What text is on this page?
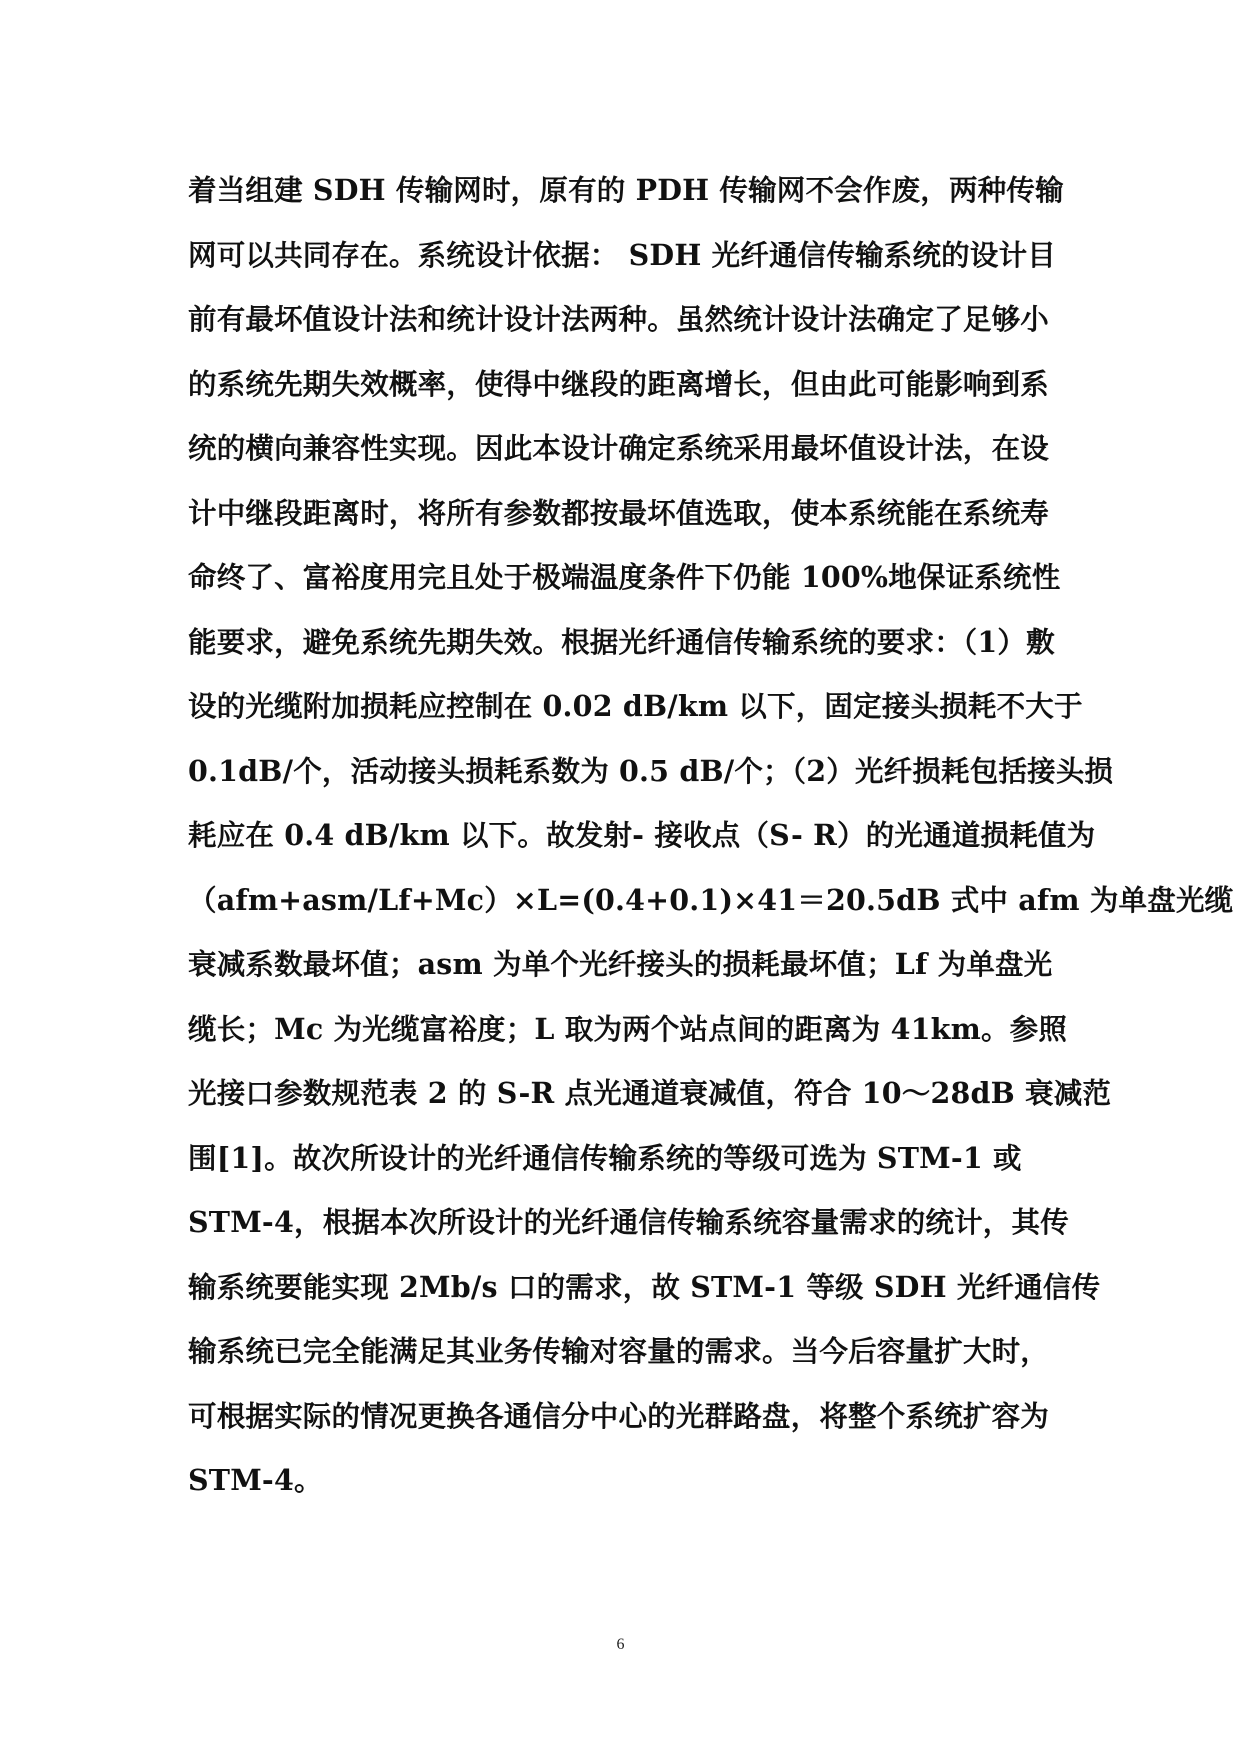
着当组建 SDH 传输网时，原有的 PDH 传输网不会作废，两种传输
网可以共同存在。系统设计依据： SDH 光纤通信传输系统的设计目
前有最坏值设计法和统计设计法两种。虽然统计设计法确定了足够小
的系统先期失效概率，使得中继段的距离增长，但由此可能影响到系
统的横向兼容性实现。因此本设计确定系统采用最坏值设计法，在设
计中继段距离时，将所有参数都按最坏值选取，使本系统能在系统寿
命终了、富裕度用完且处于极端温度条件下仍能 100%地保证系统性
能要求，避免系统先期失效。根据光纤通信传输系统的要求：（1）敷
设的光缆附加损耗应控制在 0.02 dB/km 以下，固定接头损耗不大于
0.1dB/个，活动接头损耗系数为 0.5 dB/个；（2）光纤损耗包括接头损
耗应在 0.4 dB/km 以下。故发射- 接收点（S- R）的光通道损耗值为
（afm+asm/Lf+Mc）×L=(0.4+0.1)×41＝20.5dB 式中 afm 为单盘光缆
衰减系数最坏值；asm 为单个光纤接头的损耗最坏值；Lf 为单盘光
缆长；Mc 为光缆富裕度；L 取为两个站点间的距离为 41km。参照
光接口参数规范表 2 的 S-R 点光通道衰减值，符合 10～28dB 衰减范
围[1]。故次所设计的光纤通信传输系统的等级可选为 STM-1 或
STM-4，根据本次所设计的光纤通信传输系统容量需求的统计，其传
输系统要能实现 2Mb/s 口的需求，故 STM-1 等级 SDH 光纤通信传
输系统已完全能满足其业务传输对容量的需求。当今后容量扩大时，
可根据实际的情况更换各通信分中心的光群路盘，将整个系统扩容为
STM-4。
6
